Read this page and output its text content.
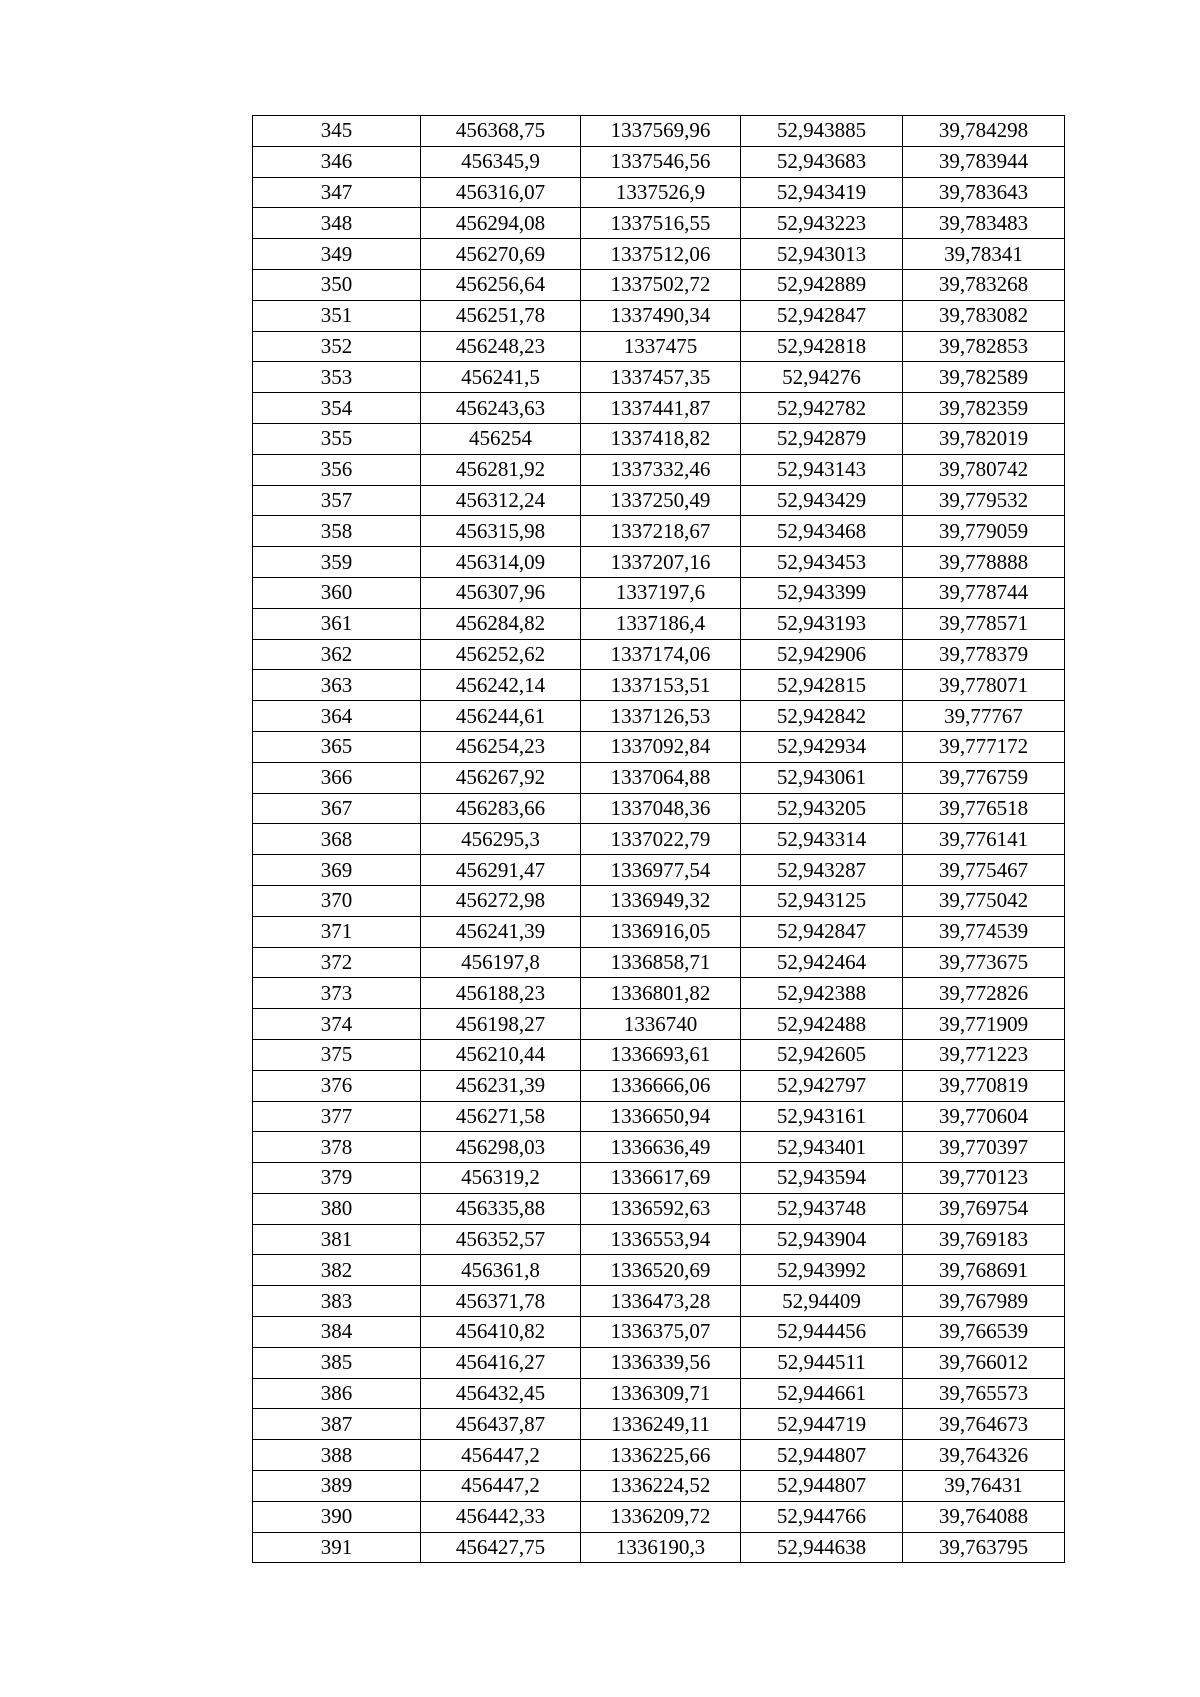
345	456368,75	1337569,96	52,943885	39,784298
346	456345,9	1337546,56	52,943683	39,783944
347	456316,07	1337526,9	52,943419	39,783643
348	456294,08	1337516,55	52,943223	39,783483
349	456270,69	1337512,06	52,943013	39,78341
350	456256,64	1337502,72	52,942889	39,783268
351	456251,78	1337490,34	52,942847	39,783082
352	456248,23	1337475	52,942818	39,782853
353	456241,5	1337457,35	52,94276	39,782589
354	456243,63	1337441,87	52,942782	39,782359
355	456254	1337418,82	52,942879	39,782019
356	456281,92	1337332,46	52,943143	39,780742
357	456312,24	1337250,49	52,943429	39,779532
358	456315,98	1337218,67	52,943468	39,779059
359	456314,09	1337207,16	52,943453	39,778888
360	456307,96	1337197,6	52,943399	39,778744
361	456284,82	1337186,4	52,943193	39,778571
362	456252,62	1337174,06	52,942906	39,778379
363	456242,14	1337153,51	52,942815	39,778071
364	456244,61	1337126,53	52,942842	39,77767
365	456254,23	1337092,84	52,942934	39,777172
366	456267,92	1337064,88	52,943061	39,776759
367	456283,66	1337048,36	52,943205	39,776518
368	456295,3	1337022,79	52,943314	39,776141
369	456291,47	1336977,54	52,943287	39,775467
370	456272,98	1336949,32	52,943125	39,775042
371	456241,39	1336916,05	52,942847	39,774539
372	456197,8	1336858,71	52,942464	39,773675
373	456188,23	1336801,82	52,942388	39,772826
374	456198,27	1336740	52,942488	39,771909
375	456210,44	1336693,61	52,942605	39,771223
376	456231,39	1336666,06	52,942797	39,770819
377	456271,58	1336650,94	52,943161	39,770604
378	456298,03	1336636,49	52,943401	39,770397
379	456319,2	1336617,69	52,943594	39,770123
380	456335,88	1336592,63	52,943748	39,769754
381	456352,57	1336553,94	52,943904	39,769183
382	456361,8	1336520,69	52,943992	39,768691
383	456371,78	1336473,28	52,94409	39,767989
384	456410,82	1336375,07	52,944456	39,766539
385	456416,27	1336339,56	52,944511	39,766012
386	456432,45	1336309,71	52,944661	39,765573
387	456437,87	1336249,11	52,944719	39,764673
388	456447,2	1336225,66	52,944807	39,764326
389	456447,2	1336224,52	52,944807	39,76431
390	456442,33	1336209,72	52,944766	39,764088
391	456427,75	1336190,3	52,944638	39,763795
